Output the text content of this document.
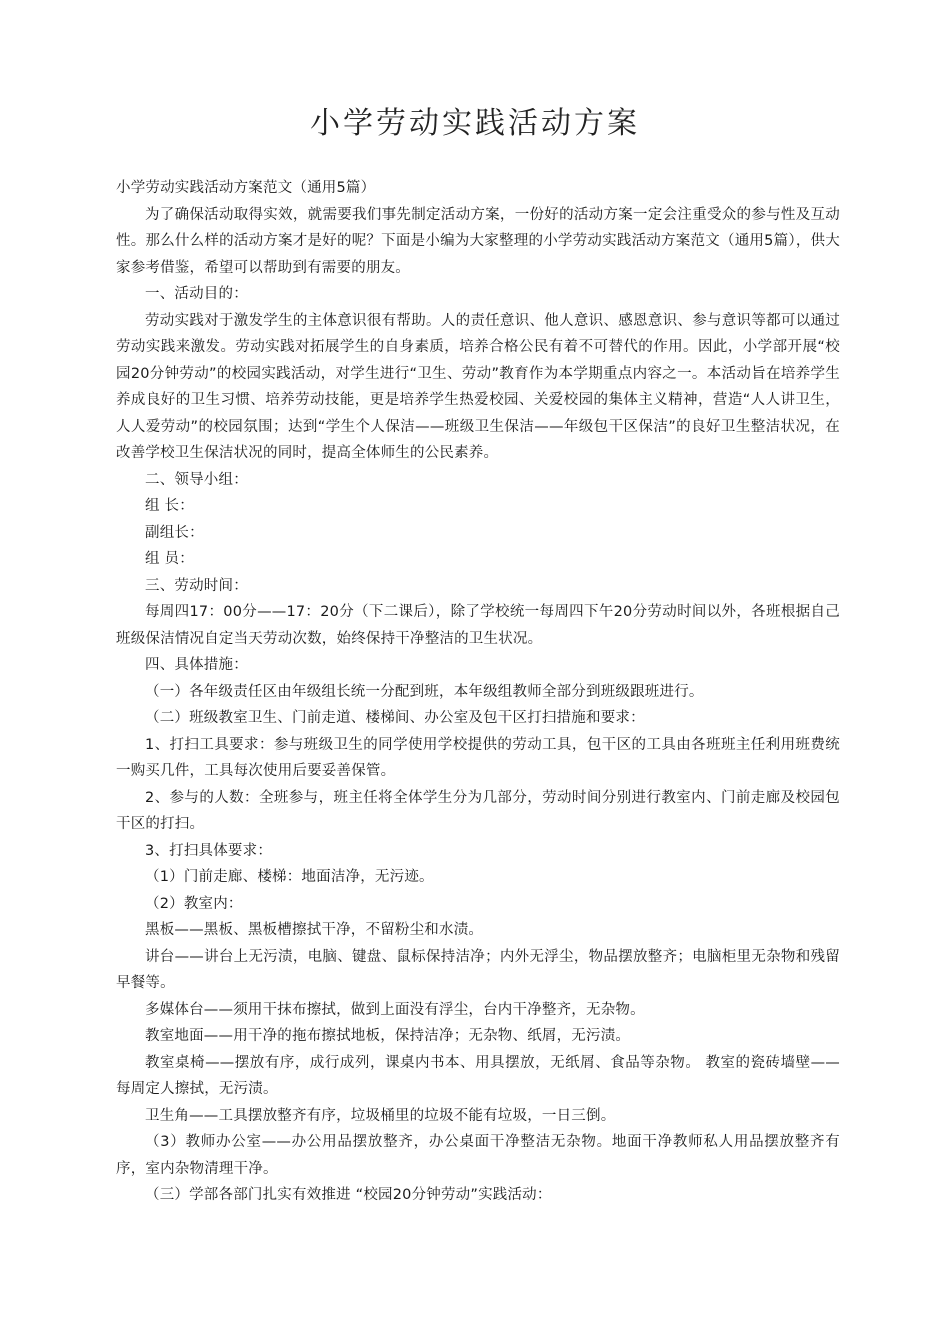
小学劳动实践活动方案

小学劳动实践活动方案范文（通用5篇）

为了确保活动取得实效，就需要我们事先制定活动方案，一份好的活动方案一定会注重受众的参与性及互动性。那么什么样的活动方案才是好的呢？下面是小编为大家整理的小学劳动实践活动方案范文（通用5篇），供大家参考借鉴，希望可以帮助到有需要的朋友。

一、活动目的：

劳动实践对于激发学生的主体意识很有帮助。人的责任意识、他人意识、感恩意识、参与意识等都可以通过劳动实践来激发。劳动实践对拓展学生的自身素质，培养合格公民有着不可替代的作用。因此，小学部开展“校园20分钟劳动”的校园实践活动，对学生进行“卫生、劳动”教育作为本学期重点内容之一。本活动旨在培养学生养成良好的卫生习惯、培养劳动技能，更是培养学生热爱校园、关爱校园的集体主义精神，营造“人人讲卫生，人人爱劳动”的校园氛围；达到“学生个人保洁——班级卫生保洁——年级包干区保洁”的良好卫生整洁状况，在改善学校卫生保洁状况的同时，提高全体师生的公民素养。

二、领导小组：

组 长：

副组长：

组 员：

三、劳动时间：

每周四17：00分——17：20分（下二课后），除了学校统一每周四下午20分劳动时间以外，各班根据自己班级保洁情况自定当天劳动次数，始终保持干净整洁的卫生状况。

四、具体措施：

（一）各年级责任区由年级组长统一分配到班，本年级组教师全部分到班级跟班进行。

（二）班级教室卫生、门前走道、楼梯间、办公室及包干区打扫措施和要求：

1、打扫工具要求：参与班级卫生的同学使用学校提供的劳动工具，包干区的工具由各班班主任利用班费统一购买几件，工具每次使用后要妥善保管。

2、参与的人数：全班参与，班主任将全体学生分为几部分，劳动时间分别进行教室内、门前走廊及校园包干区的打扫。

3、打扫具体要求：

（1）门前走廊、楼梯：地面洁净，无污迹。

（2）教室内：

黑板——黑板、黑板槽擦拭干净，不留粉尘和水渍。

讲台——讲台上无污渍，电脑、键盘、鼠标保持洁净；内外无浮尘，物品摆放整齐；电脑柜里无杂物和残留早餐等。

多媒体台——须用干抹布擦拭，做到上面没有浮尘，台内干净整齐，无杂物。

教室地面——用干净的拖布擦拭地板，保持洁净；无杂物、纸屑，无污渍。

教室桌椅——摆放有序，成行成列，课桌内书本、用具摆放，无纸屑、食品等杂物。 教室的瓷砖墙壁——每周定人擦拭，无污渍。

卫生角——工具摆放整齐有序，垃圾桶里的垃圾不能有垃圾，一日三倒。

（3）教师办公室——办公用品摆放整齐，办公桌面干净整洁无杂物。地面干净教师私人用品摆放整齐有序，室内杂物清理干净。

（三）学部各部门扎实有效推进 “校园20分钟劳动”实践活动：
